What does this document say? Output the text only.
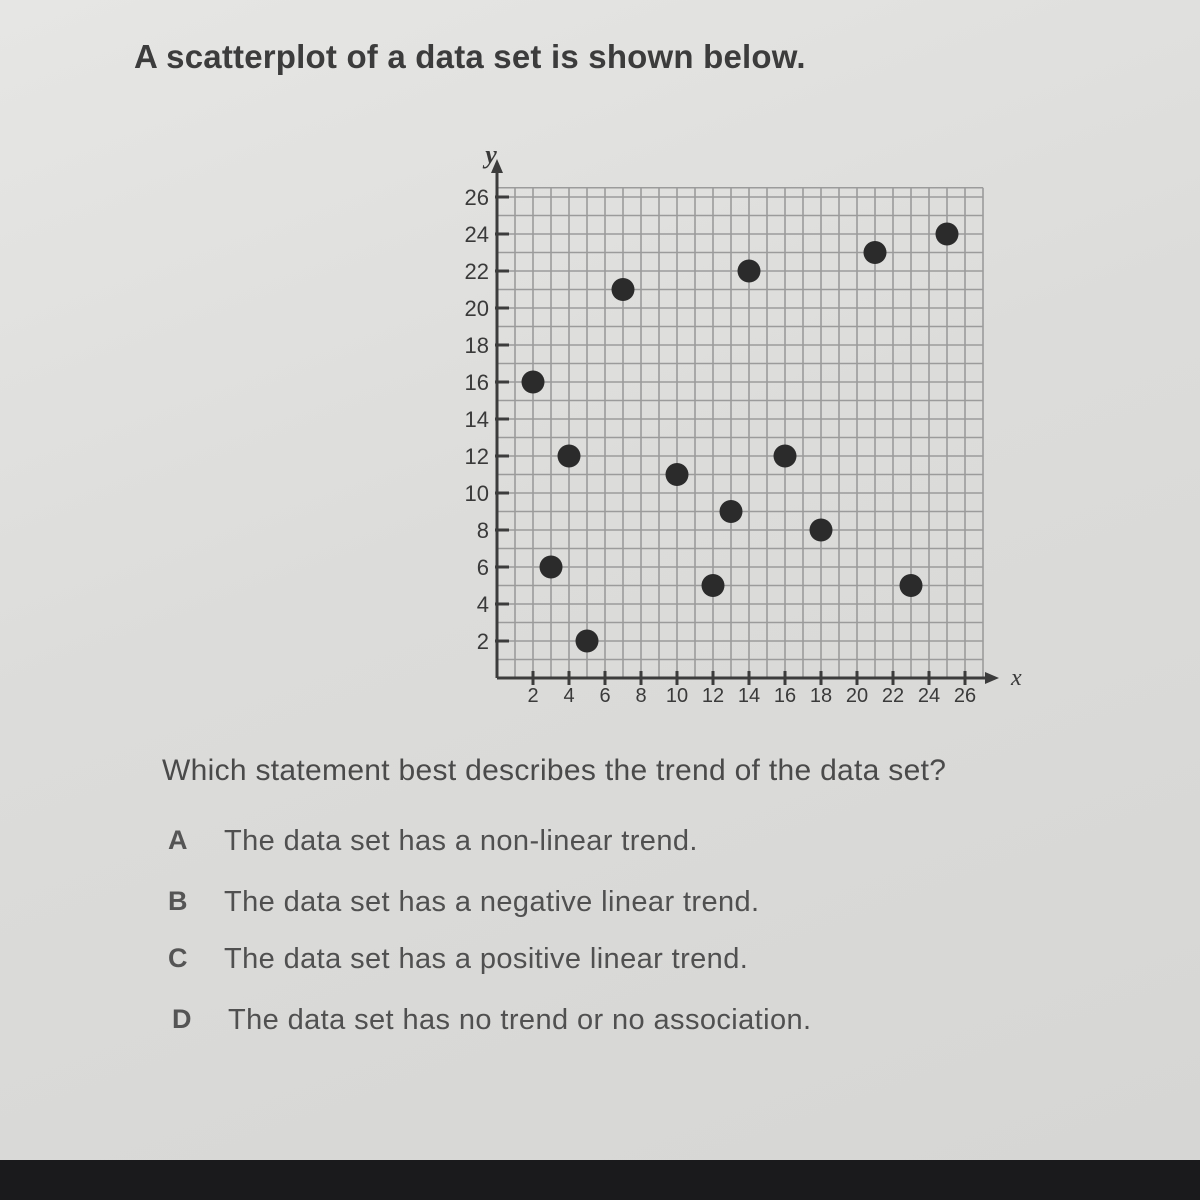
A scatterplot of a data set is shown below.
2 4 6 8 10 12 14 16 18 20 22 24 26
2
4
6
8
10
12
14
16
18
20
22
24
26
x
y
Which statement best describes the trend of the data set?
A	The data set has a non-linear trend.
B	The data set has a negative linear trend.
C	The data set has a positive linear trend.
D	The data set has no trend or no association.
